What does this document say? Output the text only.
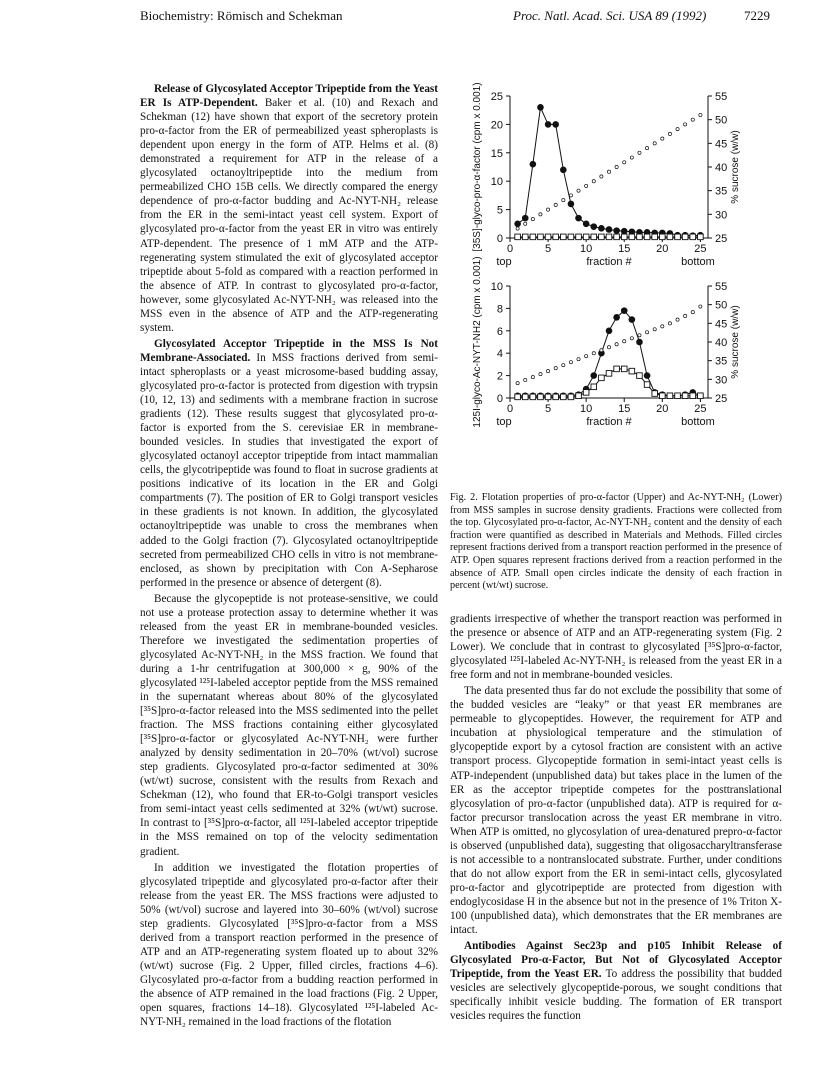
Biochemistry: Römisch and Schekman	Proc. Natl. Acad. Sci. USA 89 (1992)	7229

Release of Glycosylated Acceptor Tripeptide from the Yeast ER Is ATP-Dependent. Baker et al. (10) and Rexach and Schekman (12) have shown that export of the secretory protein pro-α-factor from the ER of permeabilized yeast spheroplasts is dependent upon energy in the form of ATP. Helms et al. (8) demonstrated a requirement for ATP in the release of a glycosylated octanoyltripeptide into the medium from permeabilized CHO 15B cells. We directly compared the energy dependence of pro-α-factor budding and Ac-NYT-NH₂ release from the ER in the semi-intact yeast cell system. Export of glycosylated pro-α-factor from the yeast ER in vitro was entirely ATP-dependent. The presence of 1 mM ATP and the ATP-regenerating system stimulated the exit of glycosylated acceptor tripeptide about 5-fold as compared with a reaction performed in the absence of ATP. In contrast to glycosylated pro-α-factor, however, some glycosylated Ac-NYT-NH₂ was released into the MSS even in the absence of ATP and the ATP-regenerating system.

Glycosylated Acceptor Tripeptide in the MSS Is Not Membrane-Associated. In MSS fractions derived from semi-intact spheroplasts or a yeast microsome-based budding assay, glycosylated pro-α-factor is protected from digestion with trypsin (10, 12, 13) and sediments with a membrane fraction in sucrose gradients (12). These results suggest that glycosylated pro-α-factor is exported from the S. cerevisiae ER in membrane-bounded vesicles. In studies that investigated the export of glycosylated octanoyl acceptor tripeptide from intact mammalian cells, the glycotripeptide was found to float in sucrose gradients at positions indicative of its location in the ER and Golgi compartments (7). The position of ER to Golgi transport vesicles in these gradients is not known. In addition, the glycosylated octanoyltripeptide was unable to cross the membranes when added to the Golgi fraction (7). Glycosylated octanoyltripeptide secreted from permeabilized CHO cells in vitro is not membrane-enclosed, as shown by precipitation with Con A-Sepharose performed in the presence or absence of detergent (8).

Because the glycopeptide is not protease-sensitive, we could not use a protease protection assay to determine whether it was released from the yeast ER in membrane-bounded vesicles. Therefore we investigated the sedimentation properties of glycosylated Ac-NYT-NH₂ in the MSS fraction. We found that during a 1-hr centrifugation at 300,000 × g, 90% of the glycosylated ¹²⁵I-labeled acceptor peptide from the MSS remained in the supernatant whereas about 80% of the glycosylated [³⁵S]pro-α-factor released into the MSS sedimented into the pellet fraction. The MSS fractions containing either glycosylated [³⁵S]pro-α-factor or glycosylated Ac-NYT-NH₂ were further analyzed by density sedimentation in 20–70% (wt/vol) sucrose step gradients. Glycosylated pro-α-factor sedimented at 30% (wt/wt) sucrose, consistent with the results from Rexach and Schekman (12), who found that ER-to-Golgi transport vesicles from semi-intact yeast cells sedimented at 32% (wt/wt) sucrose. In contrast to [³⁵S]pro-α-factor, all ¹²⁵I-labeled acceptor tripeptide in the MSS remained on top of the velocity sedimentation gradient.

In addition we investigated the flotation properties of glycosylated tripeptide and glycosylated pro-α-factor after their release from the yeast ER. The MSS fractions were adjusted to 50% (wt/vol) sucrose and layered into 30–60% (wt/vol) sucrose step gradients. Glycosylated [³⁵S]pro-α-factor from a MSS derived from a transport reaction performed in the presence of ATP and an ATP-regenerating system floated up to about 32% (wt/wt) sucrose (Fig. 2 Upper, filled circles, fractions 4–6). Glycosylated pro-α-factor from a budding reaction performed in the absence of ATP remained in the load fractions (Fig. 2 Upper, open squares, fractions 14–18). Glycosylated ¹²⁵I-labeled Ac-NYT-NH₂ remained in the load fractions of the flotation

gradients irrespective of whether the transport reaction was performed in the presence or absence of ATP and an ATP-regenerating system (Fig. 2 Lower). We conclude that in contrast to glycosylated [³⁵S]pro-α-factor, glycosylated ¹²⁵I-labeled Ac-NYT-NH₂ is released from the yeast ER in a free form and not in membrane-bounded vesicles.

The data presented thus far do not exclude the possibility that some of the budded vesicles are “leaky” or that yeast ER membranes are permeable to glycopeptides. However, the requirement for ATP and incubation at physiological temperature and the stimulation of glycopeptide export by a cytosol fraction are consistent with an active transport process. Glycopeptide formation in semi-intact yeast cells is ATP-independent (unpublished data) but takes place in the lumen of the ER as the acceptor tripeptide competes for the posttranslational glycosylation of pro-α-factor (unpublished data). ATP is required for α-factor precursor translocation across the yeast ER membrane in vitro. When ATP is omitted, no glycosylation of urea-denatured prepro-α-factor is observed (unpublished data), suggesting that oligosaccharyltransferase is not accessible to a nontranslocated substrate. Further, under conditions that do not allow export from the ER in semi-intact cells, glycosylated pro-α-factor and glycotripeptide are protected from digestion with endoglycosidase H in the absence but not in the presence of 1% Triton X-100 (unpublished data), which demonstrates that the ER membranes are intact.

Antibodies Against Sec23p and p105 Inhibit Release of Glycosylated Pro-α-Factor, But Not of Glycosylated Acceptor Tripeptide, from the Yeast ER. To address the possibility that budded vesicles are selectively glycopeptide-porous, we sought conditions that specifically inhibit vesicle budding. The formation of ER transport vesicles requires the function

0	5	10 15 20 25
0
5
10
15
20
25
25
30
35
40
45
50
55
top	bottom
fraction #
[35S]-glyco-pro-α-factor (cpm x 0.001)	% sucrose (w/w)
0	5	10 15 20 25
0
2
4
6
8
10
25
30
35
40
45
50
55
top	bottom
fraction #
125I-glyco-Ac-NYT-NH2 (cpm x 0.001)	% sucrose (w/w)
Fig. 2. Flotation properties of pro-α-factor (Upper) and Ac-NYT-NH₂ (Lower) from MSS samples in sucrose density gradients. Fractions were collected from the top. Glycosylated pro-α-factor, Ac-NYT-NH₂ content and the density of each fraction were quantified as described in Materials and Methods. Filled circles represent fractions derived from a transport reaction performed in the presence of ATP. Open squares represent fractions derived from a reaction performed in the absence of ATP. Small open circles indicate the density of each fraction in percent (wt/wt) sucrose.
